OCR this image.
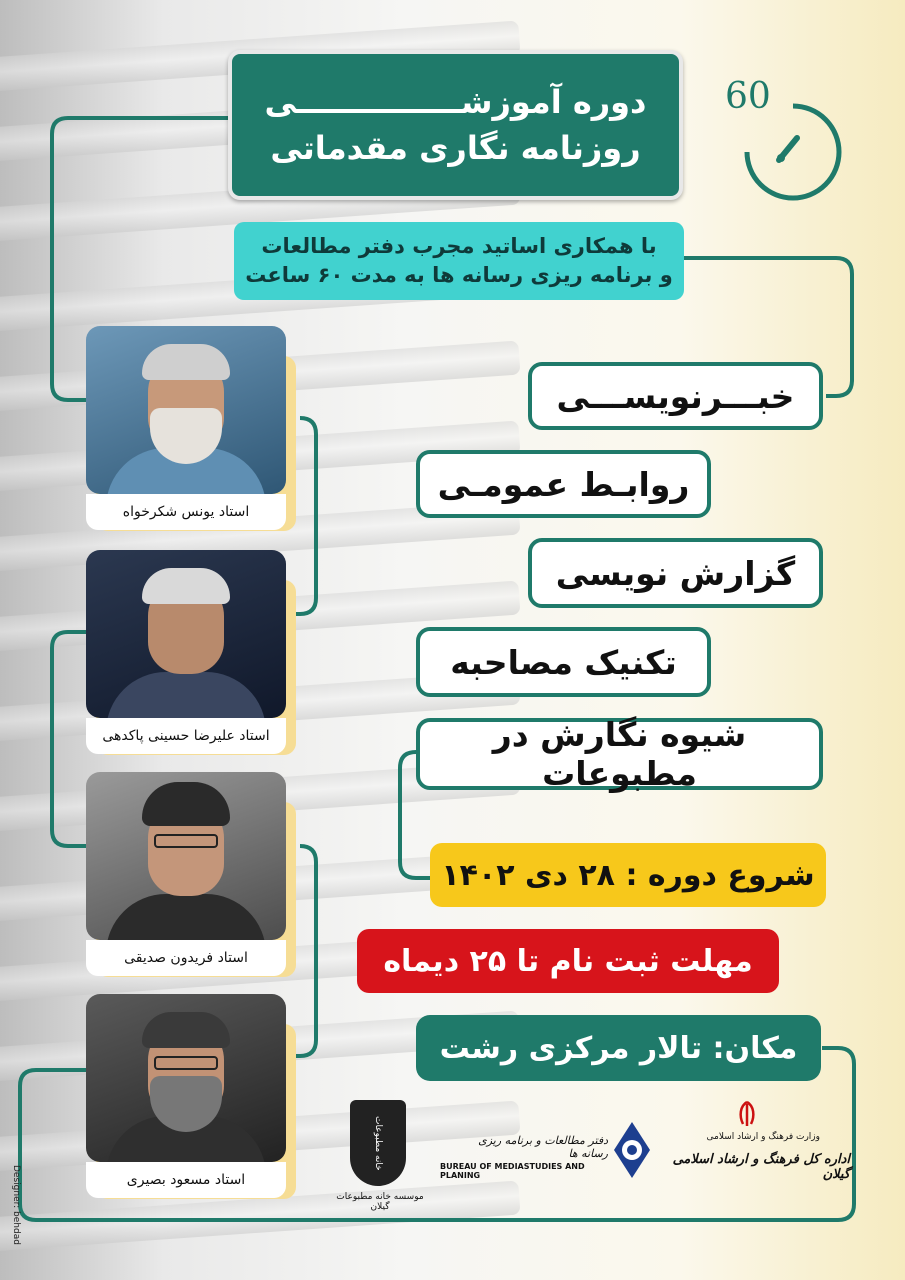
60
دوره آموزشـــــــــــــــی
روزنامه نگاری مقدماتی
با همکاری اساتید مجرب دفتر مطالعات
و برنامه ریزی رسانه ها به مدت ۶۰ ساعت
خبـــرنویســـی
روابـط عمومـی
گزارش نویسی
تکنیک مصاحبه
شیوه نگارش در مطبوعات
شروع دوره : ۲۸ دی ۱۴۰۲
مهلت ثبت نام تا ۲۵ دیماه
مکان: تالار مرکزی رشت
استاد یونس شکرخواه
استاد علیرضا حسینی پاکدهی
استاد فریدون صدیقی
استاد مسعود بصیری
خانه مطبوعات
موسسه خانه مطبوعات گیلان
دفتر مطالعات و برنامه ریزی رسانه ها
BUREAU OF MEDIASTUDIES AND PLANING
وزارت فرهنگ و ارشاد اسلامی
اداره کل فرهنگ و ارشاد اسلامی گیلان
Designer: behdad
